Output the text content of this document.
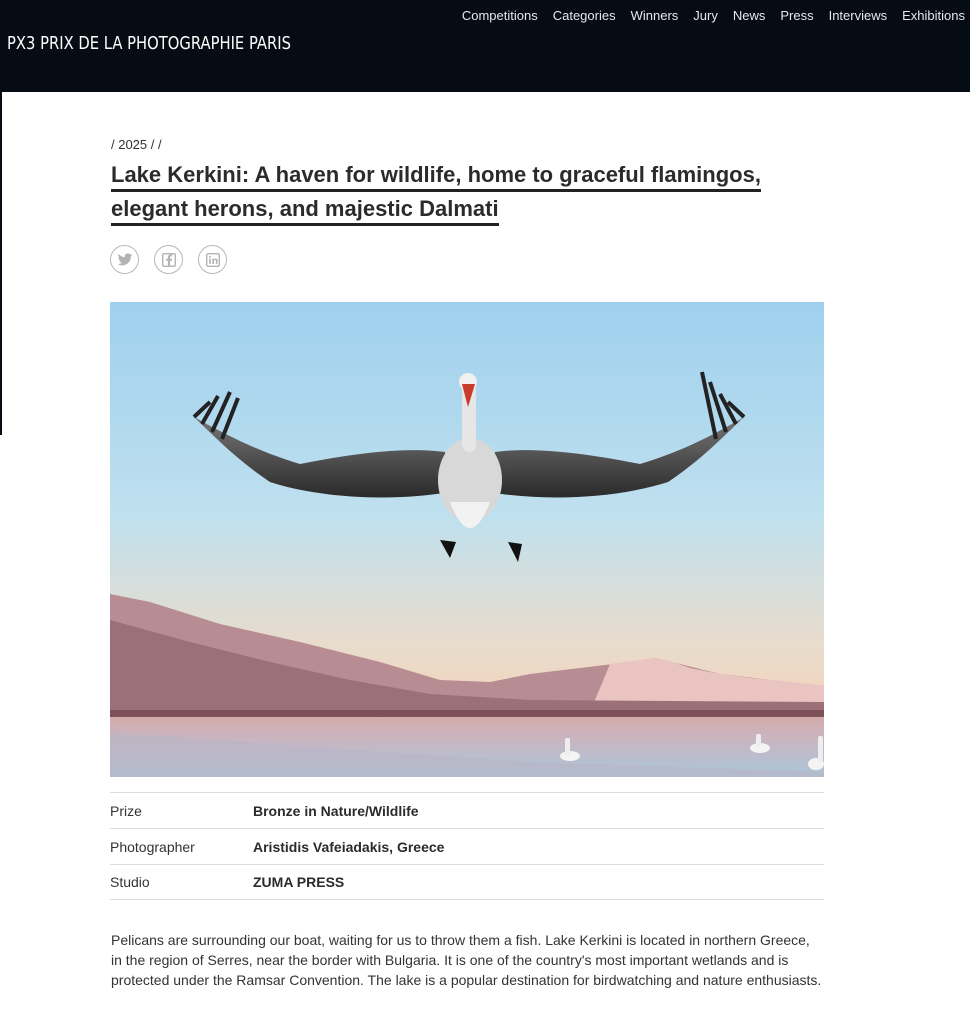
PX3 PRIX DE LA PHOTOGRAPHIE PARIS
Competitions Categories Winners Jury News Press Interviews Exhibitions
/ 2025 / /
Lake Kerkini: A haven for wildlife, home to graceful flamingos, elegant herons, and majestic Dalmati
Prize	Bronze in Nature/Wildlife
Photographer	Aristidis Vafeiadakis, Greece
Studio	ZUMA PRESS

Pelicans are surrounding our boat, waiting for us to throw them a fish. Lake Kerkini is located in northern Greece, in the region of Serres, near the border with Bulgaria. It is one of the country's most important wetlands and is protected under the Ramsar Convention. The lake is a popular destination for birdwatching and nature enthusiasts.
